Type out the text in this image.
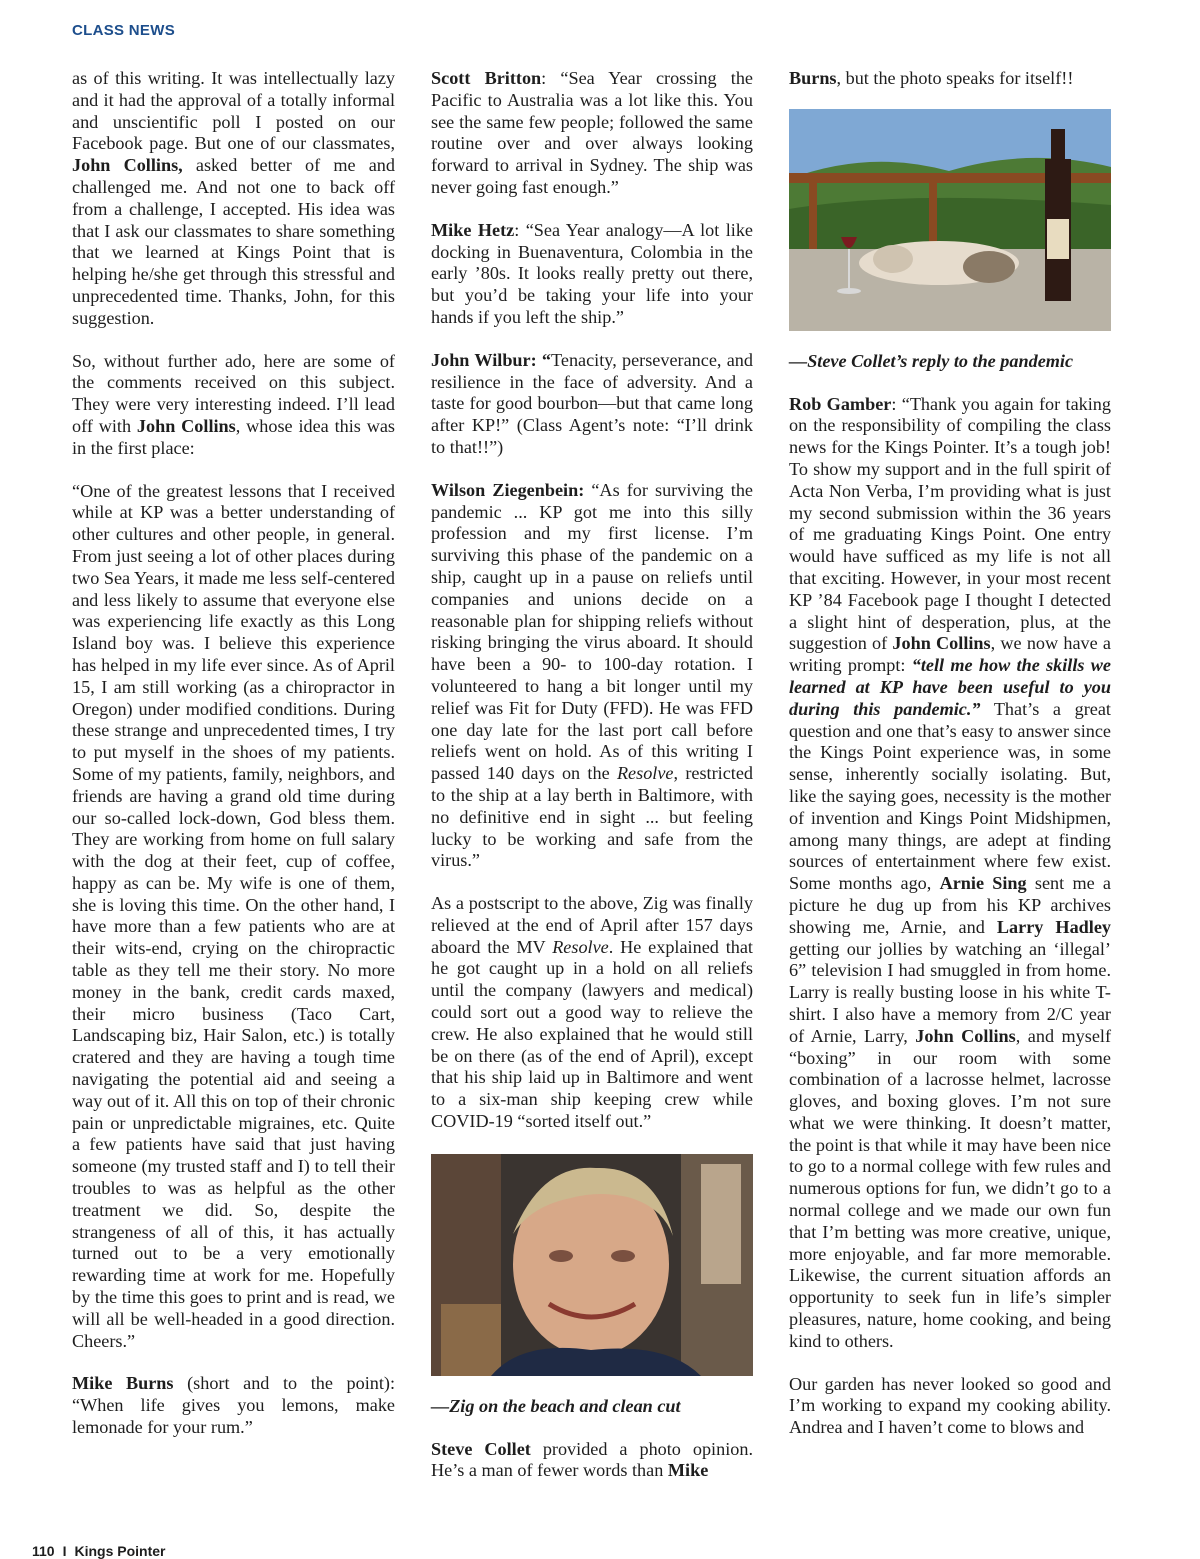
CLASS NEWS

as of this writing. It was intellectually lazy and it had the approval of a totally informal and unscientific poll I posted on our Facebook page. But one of our classmates, John Collins, asked better of me and challenged me. And not one to back off from a challenge, I accepted. His idea was that I ask our classmates to share something that we learned at Kings Point that is helping he/she get through this stressful and unprecedented time. Thanks, John, for this suggestion.

So, without further ado, here are some of the comments received on this subject. They were very interesting indeed. I’ll lead off with John Collins, whose idea this was in the first place:

“One of the greatest lessons that I received while at KP was a better understanding of other cultures and other people, in general. From just seeing a lot of other places during two Sea Years, it made me less self-centered and less likely to assume that everyone else was experiencing life exactly as this Long Island boy was. I believe this experience has helped in my life ever since. As of April 15, I am still working (as a chiropractor in Oregon) under modified conditions. During these strange and unprecedented times, I try to put myself in the shoes of my patients. Some of my patients, family, neighbors, and friends are having a grand old time during our so-called lock-down, God bless them. They are working from home on full salary with the dog at their feet, cup of coffee, happy as can be. My wife is one of them, she is loving this time. On the other hand, I have more than a few patients who are at their wits-end, crying on the chiropractic table as they tell me their story. No more money in the bank, credit cards maxed, their micro business (Taco Cart, Landscaping biz, Hair Salon, etc.) is totally cratered and they are having a tough time navigating the potential aid and seeing a way out of it. All this on top of their chronic pain or unpredictable migraines, etc. Quite a few patients have said that just having someone (my trusted staff and I) to tell their troubles to was as helpful as the other treatment we did. So, despite the strangeness of all of this, it has actually turned out to be a very emotionally rewarding time at work for me. Hopefully by the time this goes to print and is read, we will all be well-headed in a good direction. Cheers.”

Mike Burns (short and to the point): “When life gives you lemons, make lemonade for your rum.”

Scott Britton: “Sea Year crossing the Pacific to Australia was a lot like this. You see the same few people; followed the same routine over and over always looking forward to arrival in Sydney. The ship was never going fast enough.”

Mike Hetz: “Sea Year analogy—A lot like docking in Buenaventura, Colombia in the early ’80s. It looks really pretty out there, but you’d be taking your life into your hands if you left the ship.”

John Wilbur: “Tenacity, perseverance, and resilience in the face of adversity. And a taste for good bourbon—but that came long after KP!” (Class Agent’s note: “I’ll drink to that!!”)

Wilson Ziegenbein: “As for surviving the pandemic ... KP got me into this silly profession and my first license. I’m surviving this phase of the pandemic on a ship, caught up in a pause on reliefs until companies and unions decide on a reasonable plan for shipping reliefs without risking bringing the virus aboard. It should have been a 90- to 100-day rotation. I volunteered to hang a bit longer until my relief was Fit for Duty (FFD). He was FFD one day late for the last port call before reliefs went on hold. As of this writing I passed 140 days on the Resolve, restricted to the ship at a lay berth in Baltimore, with no definitive end in sight ... but feeling lucky to be working and safe from the virus.”

As a postscript to the above, Zig was finally relieved at the end of April after 157 days aboard the MV Resolve. He explained that he got caught up in a hold on all reliefs until the company (lawyers and medical) could sort out a good way to relieve the crew. He also explained that he would still be on there (as of the end of April), except that his ship laid up in Baltimore and went to a six-man ship keeping crew while COVID-19 “sorted itself out.”

—Zig on the beach and clean cut

Steve Collet provided a photo opinion. He’s a man of fewer words than Mike

Burns, but the photo speaks for itself!!

—Steve Collet’s reply to the pandemic

Rob Gamber: “Thank you again for taking on the responsibility of compiling the class news for the Kings Pointer. It’s a tough job! To show my support and in the full spirit of Acta Non Verba, I’m providing what is just my second submission within the 36 years of me graduating Kings Point. One entry would have sufficed as my life is not all that exciting. However, in your most recent KP ’84 Facebook page I thought I detected a slight hint of desperation, plus, at the suggestion of John Collins, we now have a writing prompt: “tell me how the skills we learned at KP have been useful to you during this pandemic.” That’s a great question and one that’s easy to answer since the Kings Point experience was, in some sense, inherently socially isolating. But, like the saying goes, necessity is the mother of invention and Kings Point Midshipmen, among many things, are adept at finding sources of entertainment where few exist. Some months ago, Arnie Sing sent me a picture he dug up from his KP archives showing me, Arnie, and Larry Hadley getting our jollies by watching an ‘illegal’ 6” television I had smuggled in from home. Larry is really busting loose in his white T-shirt. I also have a memory from 2/C year of Arnie, Larry, John Collins, and myself “boxing” in our room with some combination of a lacrosse helmet, lacrosse gloves, and boxing gloves. I’m not sure what we were thinking. It doesn’t matter, the point is that while it may have been nice to go to a normal college with few rules and numerous options for fun, we didn’t go to a normal college and we made our own fun that I’m betting was more creative, unique, more enjoyable, and far more memorable. Likewise, the current situation affords an opportunity to seek fun in life’s simpler pleasures, nature, home cooking, and being kind to others.

Our garden has never looked so good and I’m working to expand my cooking ability. Andrea and I haven’t come to blows and

110 I Kings Pointer
